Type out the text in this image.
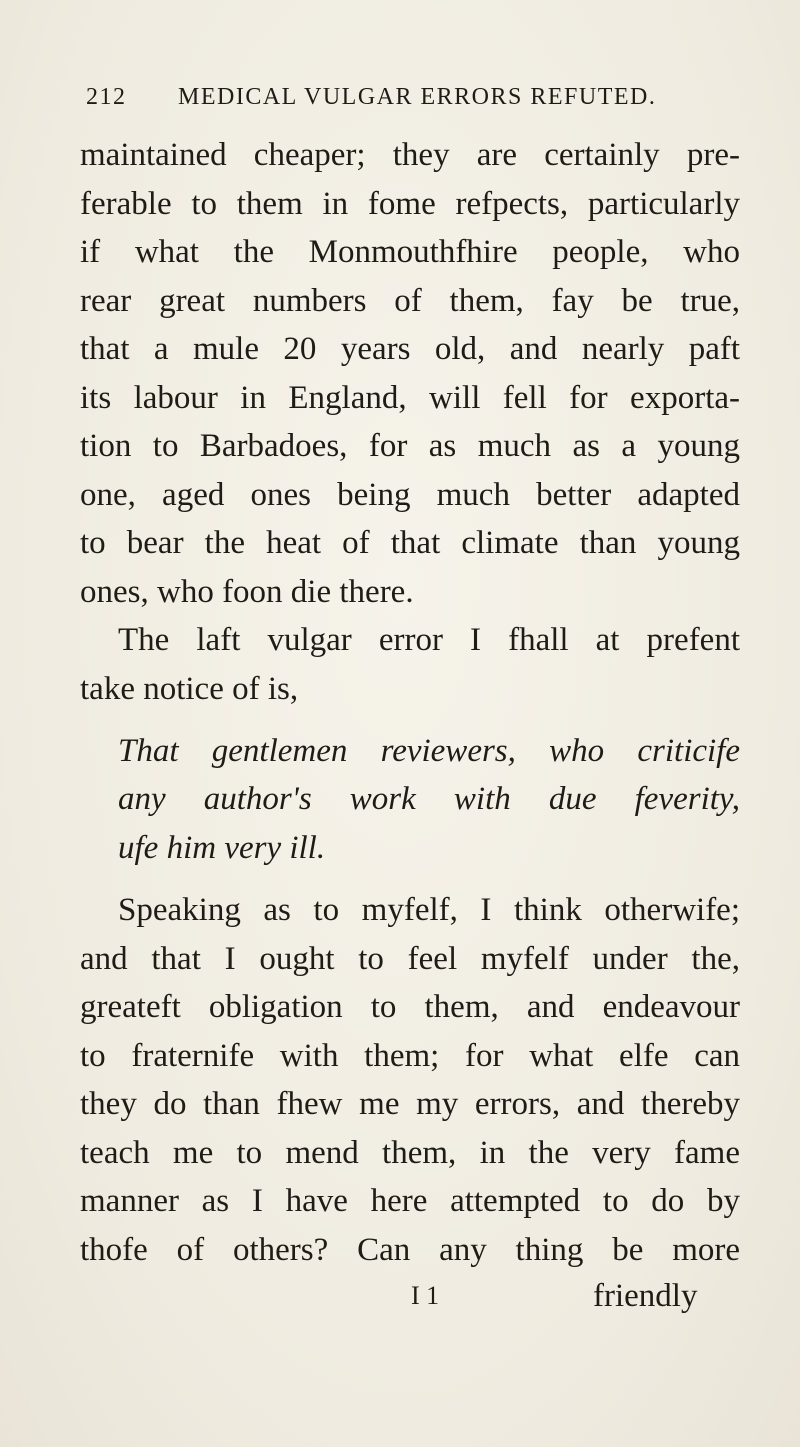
212 MEDICAL VULGAR ERRORS REFUTED.
maintained cheaper; they are certainly pre-
ferable to them in fome refpects, particularly
if what the Monmouthfhire people, who
rear great numbers of them, fay be true,
that a mule 20 years old, and nearly paft
its labour in England, will fell for exporta-
tion to Barbadoes, for as much as a young
one, aged ones being much better adapted
to bear the heat of that climate than young
ones, who foon die there.
The laft vulgar error I fhall at prefent
take notice of is,
That gentlemen reviewers, who criticife
any author's work with due feverity,
ufe him very ill.
Speaking as to myfelf, I think otherwife;
and that I ought to feel myfelf under the,
greateft obligation to them, and endeavour
to fraternife with them; for what elfe can
they do than fhew me my errors, and thereby
teach me to mend them, in the very fame
manner as I have here attempted to do by
thofe of others? Can any thing be more
I 1	friendly
